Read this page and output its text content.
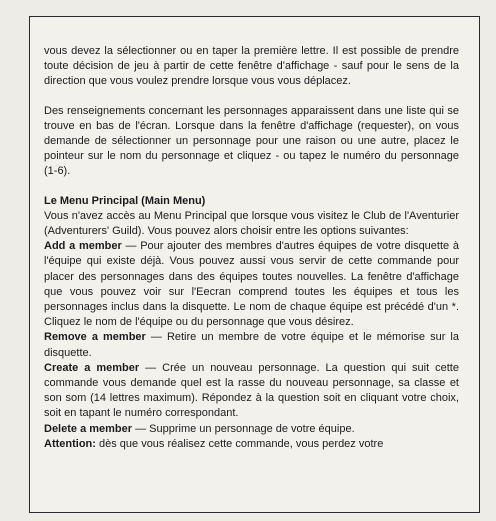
vous devez la sélectionner ou en taper la première lettre. Il est possible de prendre toute décision de jeu à partir de cette fenêtre d'affichage - sauf pour le sens de la direction que vous voulez prendre lorsque vous vous déplacez.

Des renseignements concernant les personnages apparaissent dans une liste qui se trouve en bas de l'écran. Lorsque dans la fenêtre d'affichage (requester), on vous demande de sélectionner un personnage pour une raison ou une autre, placez le pointeur sur le nom du personnage et cliquez - ou tapez le numéro du personnage (1-6).

Le Menu Principal (Main Menu)

Vous n'avez accès au Menu Principal que lorsque vous visitez le Club de l'Aventurier (Adventurers' Guild). Vous pouvez alors choisir entre les options suivantes:

Add a member — Pour ajouter des membres d'autres équipes de votre disquette à l'équipe qui existe déjà. Vous pouvez aussi vous servir de cette commande pour placer des personnages dans des équipes toutes nouvelles. La fenêtre d'affichage que vous pouvez voir sur l'Eecran comprend toutes les équipes et tous les personnages inclus dans la disquette. Le nom de chaque équipe est précédé d'un *. Cliquez le nom de l'équipe ou du personnage que vous désirez.

Remove a member — Retire un membre de votre équipe et le mémorise sur la disquette.

Create a member — Crée un nouveau personnage. La question qui suit cette commande vous demande quel est la rasse du nouveau personnage, sa classe et son som (14 lettres maximum). Répondez à la question soit en cliquant votre choix, soit en tapant le numéro correspondant.

Delete a member — Supprime un personnage de votre équipe.

Attention: dès que vous réalisez cette commande, vous perdez votre
